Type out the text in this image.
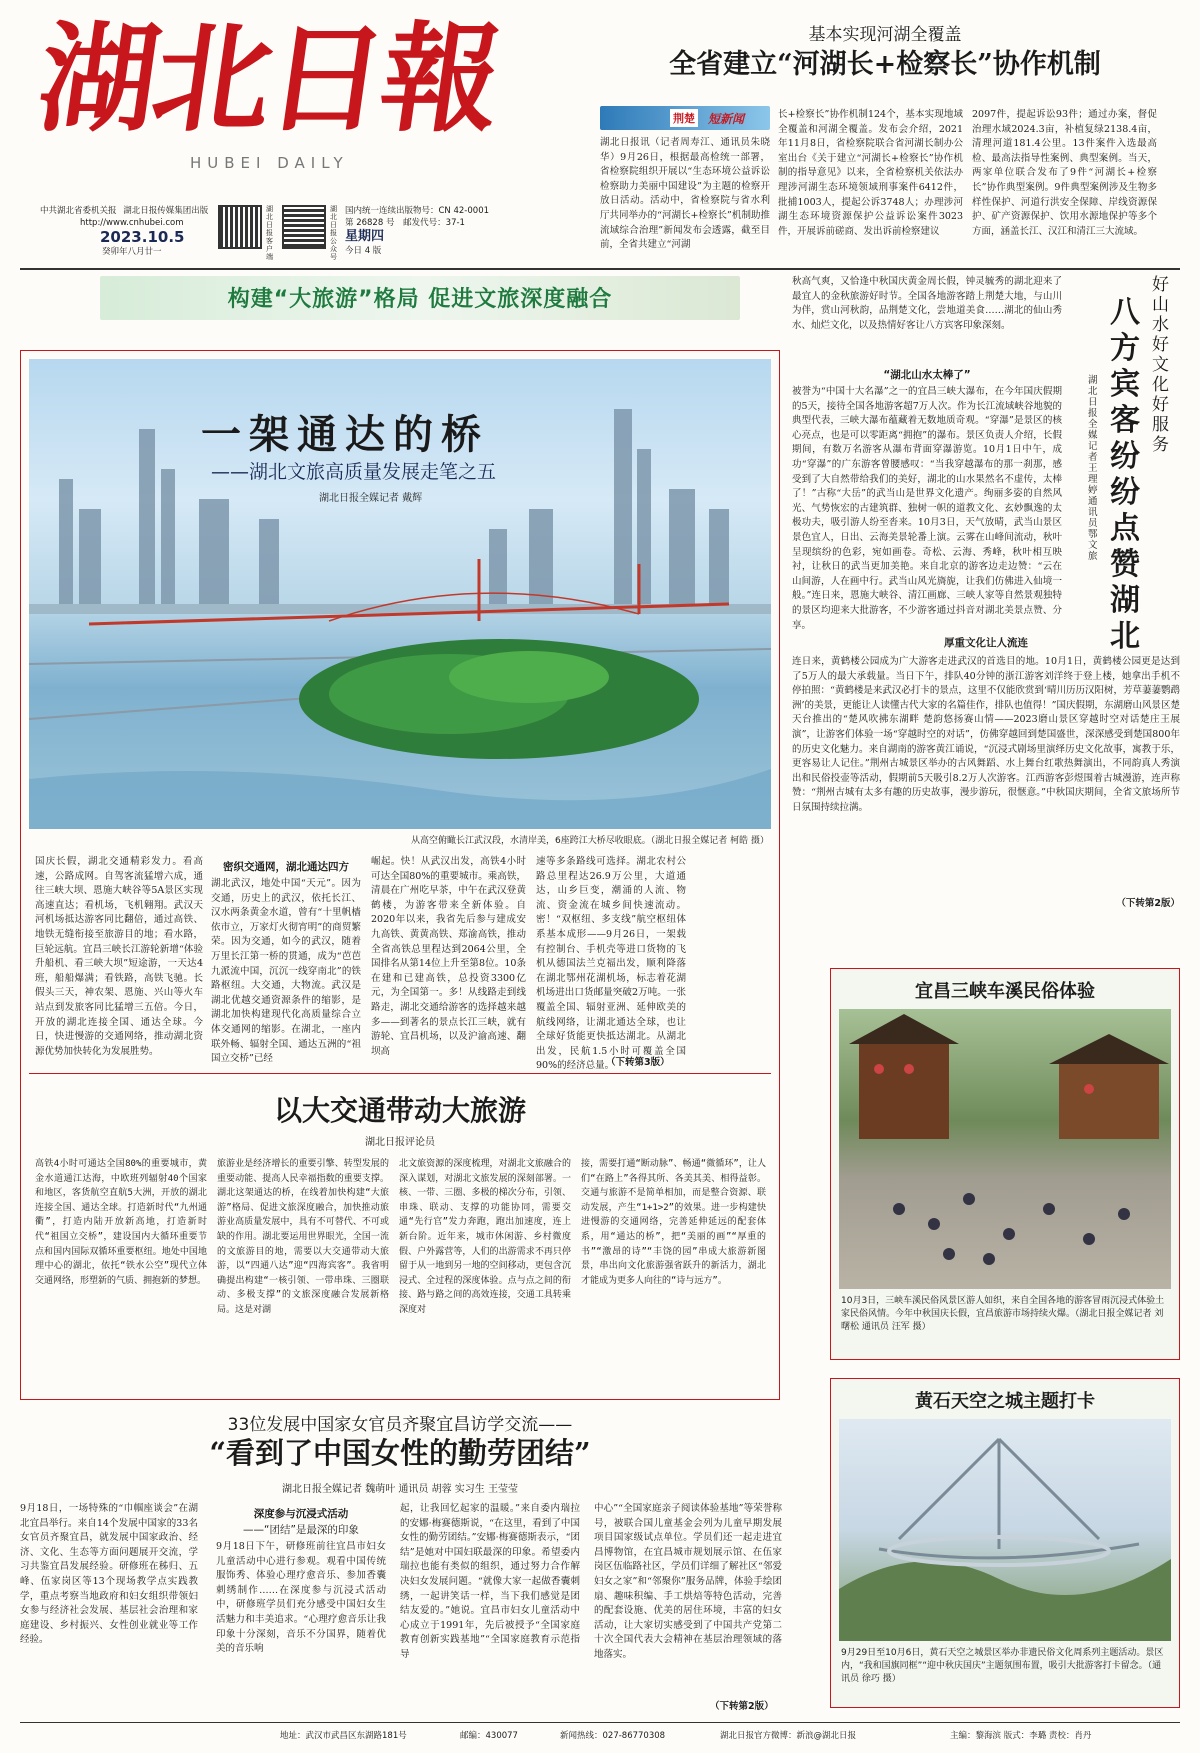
湖北日報
HUBEI DAILY
中共湖北省委机关报 湖北日报传媒集团出版
http://www.cnhubei.com
2023.10.5
癸卯年八月廿一
湖北日报客户端
湖北日报公众号
国内统一连续出版物号：CN 42-0001
第 26828 号 邮发代号：37-1
星期四
今日 4 版
基本实现河湖全覆盖
全省建立“河湖长+检察长”协作机制
荆楚 短新闻
湖北日报讯（记者周寿江、通讯员朱晓华）9月26日，根据最高检统一部署，省检察院组织开展以“生态环境公益诉讼检察助力美丽中国建设”为主题的检察开放日活动。活动中，省检察院与省水利厅共同举办的“河湖长+检察长”机制助推流域综合治理”新闻发布会透露，截至目前，全省共建立“河湖
长+检察长”协作机制124个，基本实现地域全覆盖和河湖全覆盖。发布会介绍，2021年11月8日，省检察院联合省河湖长制办公室出台《关于建立“河湖长+检察长”协作机制的指导意见》以来，全省检察机关依法办理涉河湖生态环境领域刑事案件6412件，批捕1003人，提起公诉3748人；办理涉河湖生态环境资源保护公益诉讼案件3023件，开展诉前磋商、发出诉前检察建议
2097件，提起诉讼93件；通过办案，督促治理水域2024.3亩，补植复绿2138.4亩，清理河道181.4公里。13件案件入选最高检、最高法指导性案例、典型案例。当天，两家单位联合发布了9件“河湖长+检察长”协作典型案例。9件典型案例涉及生物多样性保护、河道行洪安全保障、岸线资源保护、矿产资源保护、饮用水源地保护等多个方面，涵盖长江、汉江和清江三大流域。
构建“大旅游”格局 促进文旅深度融合
一架通达的桥
——湖北文旅高质量发展走笔之五
湖北日报全媒记者 戴辉
从高空俯瞰长江武汉段，水清岸美，6座跨江大桥尽收眼底。（湖北日报全媒记者 柯皓 摄）
国庆长假，湖北交通精彩发力。看高速，公路成网。自驾客流猛增六成，通往三峡大坝、恩施大峡谷等5A景区实现高速直达；看机场，飞机翱翔。武汉天河机场抵达游客同比翻倍，通过高铁、地铁无缝衔接至旅游目的地；看水路，巨轮远航。宜昌三峡长江游轮新增“体验升船机、看三峡大坝”短途游，一天达4班，船船爆满；看铁路，高铁飞驰。长假头三天，神农架、恩施、兴山等火车站点到发旅客同比猛增三五倍。今日，开放的湖北连接全国、通达全球。今日，快进慢游的交通网络，推动湖北资源优势加快转化为发展胜势。
密织交通网，湖北通达四方
湖北武汉，地处中国“天元”。因为交通，历史上的武汉，依托长江、汉水两条黄金水道，曾有“十里帆樯依市立，万家灯火彻宵明”的商贸繁荣。因为交通，如今的武汉，随着万里长江第一桥的贯通，成为“芭芭九派流中国，沉沉一线穿南北”的铁路枢纽。大交通，大物流。武汉是湖北优越交通资源条件的缩影，是湖北加快构建现代化高质量综合立体交通网的缩影。在湖北，一座内联外畅、辐射全国、通达五洲的“祖国立交桥”已经
崛起。快！从武汉出发，高铁4小时可达全国80%的重要城市。乘高铁，清晨在广州吃早茶，中午在武汉登黄鹤楼，为游客带来全新体验。自2020年以来，我省先后参与建成安九高铁、黄黄高铁、郑渝高铁，推动全省高铁总里程达到2064公里，全国排名从第14位上升至第8位。10条在建和已建高铁，总投资3300亿元，为全国第一。多！从线路走到线路走，湖北交通给游客的选择越来越多——到著名的景点长江三峡，就有游轮、宜昌机场，以及沪渝高速、翻坝高
速等多条路线可选择。湖北农村公路总里程达26.9万公里，大道通达，山乡巨变，潮涌的人流、物流、资金流在城乡间快速流动。密！“双枢纽、多支线”航空枢纽体系基本成形——9月26日，一架载有控制台、手机壳等进口货物的飞机从德国法兰克福出发，顺利降落在湖北鄂州花湖机场，标志着花湖机场进出口货邮量突破2万吨。一张覆盖全国、辐射亚洲、延伸欧美的航线网络，让湖北通达全球，也让全球好货能更快抵达湖北。从湖北出发，民航1.5小时可覆盖全国90%的经济总量。
（下转第3版）
以大交通带动大旅游
湖北日报评论员
高铁4小时可通达全国80%的重要城市，黄金水道通江达海，中欧班列辐射40个国家和地区，客货航空直航5大洲，开放的湖北连接全国、通达全球。打造新时代“九州通衢”，打造内陆开放新高地，打造新时代“祖国立交桥”，建设国内大循环重要节点和国内国际双循环重要枢纽。地处中国地理中心的湖北，依托“铁水公空”现代立体交通网络，形塑新的气质、拥抱新的梦想。
旅游业是经济增长的重要引擎、转型发展的重要动能、提高人民幸福指数的重要支撑。湖北这架通达的桥，在线着加快构建“大旅游”格局、促进文旅深度融合，加快推动旅游业高质量发展中，具有不可替代、不可或缺的作用。湖北要运用世界眼光，全国一流的文旅游目的地，需要以大交通带动大旅游，以“四通八达”迎“四海宾客”。我省明确提出构建“一核引领、一带串珠、三圈联动、多极支撑”的文旅深度融合发展新格局。这是对湖
北文旅资源的深度梳理，对湖北文旅融合的深入谋划，对湖北文旅发展的深刻部署。一核、一带、三圈、多极的梯次分布，引领、串珠、联动、支撑的功能协同，需要交通“先行官”发力奔跑，跑出加速度，连上新台阶。近年来，城市休闲游、乡村微度假、户外露营等，人们的出游需求不再只停留于从一地到另一地的空间移动，更包含沉浸式、全过程的深度体验。点与点之间的衔接、路与路之间的高效连接，交通工具转乘深度对
接，需要打通“断动脉”、畅通“微循环”，让人们“在路上”各得其所、各美其美、相得益彰。交通与旅游不是简单相加，而是整合资源、联动发展，产生“1+1>2”的效果。进一步构建快进慢游的交通网络，完善延伸延远的配套体系，用“通达的桥”，把“美丽的画”“厚重的书”“激昂的诗”“丰饶的园”串成大旅游新图景，串出向文化旅游强省跃升的新活力，湖北才能成为更多人向往的“诗与远方”。
秋高气爽，又恰逢中秋国庆黄金周长假，钟灵毓秀的湖北迎来了最宜人的金秋旅游好时节。全国各地游客踏上荆楚大地，与山川为伴，赏山河秋韵，品荆楚文化，尝地道美食……湖北的仙山秀水、灿烂文化，以及热情好客让八方宾客印象深刻。
好山水 好文化 好服务
八方宾客纷纷点赞湖北
湖北日报全媒记者 王理婷 通讯员 鄂文旅
“湖北山水太棒了”
被誉为“中国十大名瀑”之一的宜昌三峡大瀑布，在今年国庆假期的5天，接待全国各地游客超7万人次。作为长江流域峡谷地貌的典型代表，三峡大瀑布蕴藏着无数地质奇观。“穿瀑”是景区的核心亮点，也是可以零距离“拥抱”的瀑布。景区负责人介绍，长假期间，有数万名游客从瀑布背面穿瀑游览。10月1日中午，成功“穿瀑”的广东游客曾腰感叹：“当我穿越瀑布的那一刹那，感受到了大自然带给我们的美好，湖北的山水果然名不虚传，太棒了！”古称“大岳”的武当山是世界文化遗产。绚丽多姿的自然风光、气势恢宏的古建筑群、独树一帜的道教文化、玄妙飘逸的太极功夫，吸引游人纷至沓来。10月3日，天气放晴，武当山景区景色宜人，日出、云海美景轮番上演。云雾在山峰间流动，秋叶呈现缤纷的色彩，宛如画卷。奇松、云海、秀峰，秋叶相互映衬，让秋日的武当更加美艳。来自北京的游客边走边赞：“云在山间游，人在画中行。武当山风光旖旎，让我们仿佛进入仙境一般。”连日来，恩施大峡谷、清江画廊、三峡人家等自然景观独特的景区均迎来大批游客，不少游客通过抖音对湖北美景点赞、分享。
厚重文化让人流连
连日来，黄鹤楼公园成为广大游客走进武汉的首选目的地。10月1日，黄鹤楼公园更是达到了5万人的最大承载量。当日下午，排队40分钟的浙江游客刘洋终于登上楼，她拿出手机不停拍照：“黄鹤楼是来武汉必打卡的景点，这里不仅能欣赏到‘晴川历历汉阳树，芳草萋萋鹦鹉洲’的美景，更能让人读懂古代大家的名篇佳作，排队也值得！”国庆假期，东湖磨山风景区楚天台推出的“楚风吹拂东湖畔 楚韵悠扬赛山情——2023磨山景区穿越时空对话楚庄王展演”，让游客们体验一场“穿越时空的对话”，仿佛穿越回到楚国盛世，深深感受到楚国800年的历史文化魅力。来自湖南的游客黄江诵说，“沉浸式剧场里演绎历史文化故事，寓教于乐，更容易让人记住。”荆州古城景区举办的古风舞蹈、水上舞台红歌热舞演出，不同韵真人秀演出和民俗投壶等活动，假期前5天吸引8.2万人次游客。江西游客彭煜围着古城漫游，连声称赞：“荆州古城有太多有趣的历史故事，漫步游玩，很惬意。”中秋国庆期间，全省文旅场所节日氛围持续拉满。
（下转第2版）
宜昌三峡车溪民俗体验
10月3日，三峡车溪民俗风景区游人如织，来自全国各地的游客冒雨沉浸式体验土家民俗风情。今年中秋国庆长假，宜昌旅游市场持续火爆。（湖北日报全媒记者 刘曙松 通讯员 汪军 摄）
黄石天空之城主题打卡
9月29日至10月6日，黄石天空之城景区举办非遗民俗文化周系列主题活动。景区内，“我和国旗同框”“迎中秋庆国庆”主题氛围布置，吸引大批游客打卡留念。（通讯员 徐巧 摄）
33位发展中国家女官员齐聚宜昌访学交流——
“看到了中国女性的勤劳团结”
湖北日报全媒记者 魏萌叶 通讯员 胡蓉 实习生 王莹莹
9月18日，一场特殊的“巾帼座谈会”在湖北宜昌举行。来自14个发展中国家的33名女官员齐聚宜昌，就发展中国家政治、经济、文化、生态等方面问题展开交流，学习共鉴宜昌发展经验。研修班在秭归、五峰、伍家岗区等13个现场教学点实践教学，重点考察当地政府和妇女组织带领妇女参与经济社会发展、基层社会治理和家庭建设、乡村振兴、女性创业就业等工作经验。
深度参与沉浸式活动
——“团结”是最深的印象
9月18日下午，研修班前往宜昌市妇女儿童活动中心进行参观。观看中国传统服饰秀、体验心理疗愈音乐、参加香囊刺绣制作……在深度参与沉浸式活动中，研修班学员们充分感受中国妇女生活魅力和丰美追求。“心理疗愈音乐让我印象十分深刻，音乐不分国界，随着优美的音乐响
起，让我回忆起家的温暖。”来自委内瑞拉的安娜·梅赛德斯说，“在这里，看到了中国女性的勤劳团结。”安娜·梅赛德斯表示，“团结”是她对中国妇联最深的印象。希望委内瑞拉也能有类似的组织，通过努力合作解决妇女发展问题。“就像大家一起做香囊刺绣，一起讲笑话一样，当下我们感觉是团结友爱的。”她说。宜昌市妇女儿童活动中心成立于1991年，先后被授予“全国家庭教育创新实践基地”“全国家庭教育示范指导
中心”“全国家庭亲子阅读体验基地”等荣誉称号，被联合国儿童基金会列为儿童早期发展项目国家级试点单位。学员们还一起走进宜昌博物馆，在宜昌城市规划展示馆、在伍家岗区伍临路社区，学员们详细了解社区“邻爱妇女之家”和“邻聚你”服务品牌，体验手绘团扇、趣味积编、手工烘焙等特色活动，完善的配套设施、优美的居住环境，丰富的妇女活动，让大家切实感受到了中国共产党第二十次全国代表大会精神在基层治理领域的落地落实。
（下转第2版）
地址：武汉市武昌区东湖路181号	邮编：430077	新闻热线：027-86770308	湖北日报官方微博：新浪@湖北日报	主编：黎海滨 版式：李璐 责校：肖丹
